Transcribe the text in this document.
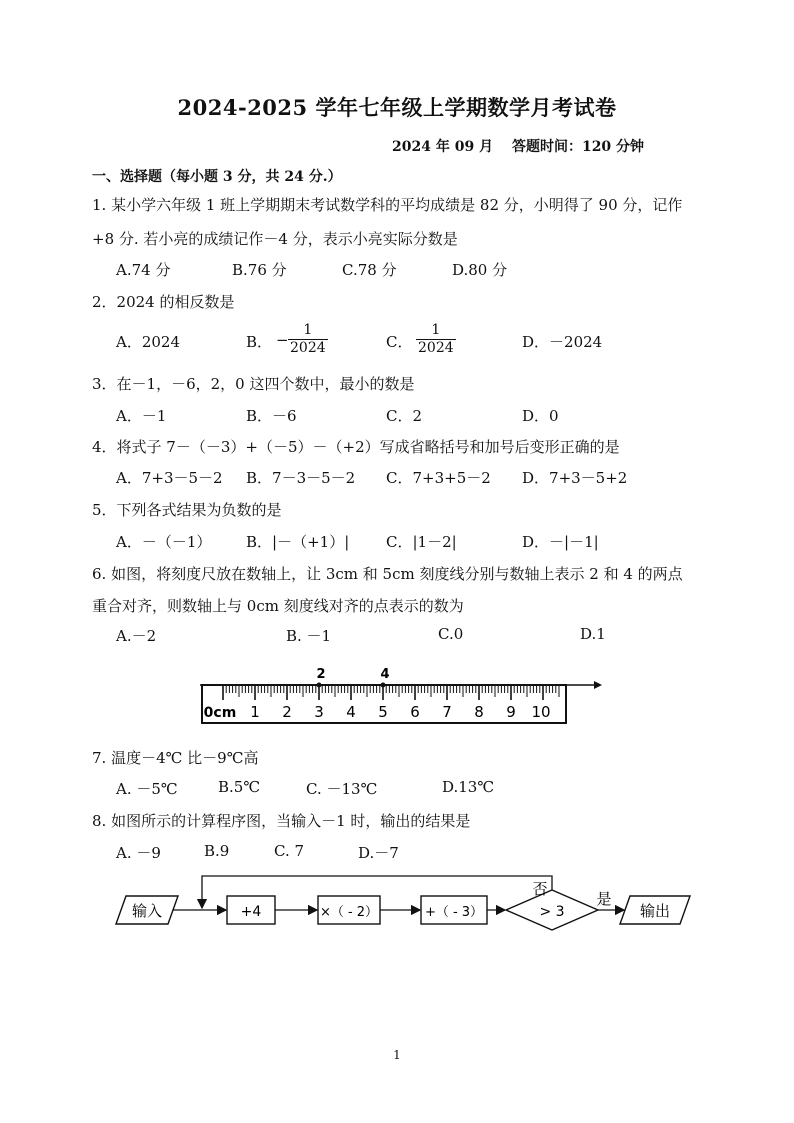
2024-2025 学年七年级上学期数学月考试卷
2024 年 09 月 答题时间：120 分钟
一、选择题（每小题 3 分，共 24 分.）
1. 某小学六年级 1 班上学期期末考试数学科的平均成绩是 82 分，小明得了 90 分，记作
+8 分. 若小亮的成绩记作－4 分，表示小亮实际分数是
A.74 分	B.76 分	C.78 分	D.80 分
2．2024 的相反数是
A．2024	B． − $\frac{1}{2024}$	C． $\frac{1}{2024}$	D．－2024
3．在－1，－6，2，0 这四个数中，最小的数是
A．－1	B．－6	C．2	D．0
4．将式子 7－（－3）+（－5）－（+2）写成省略括号和加号后变形正确的是
A．7+3－5－2 B．7－3－5－2 C．7+3+5－2 D．7+3－5+2
5．下列各式结果为负数的是
A．－（－1） B．|－（+1）| C．|1－2|	D．－|－1|
6. 如图，将刻度尺放在数轴上，让 3cm 和 5cm 刻度线分别与数轴上表示 2 和 4 的两点
重合对齐，则数轴上与 0cm 刻度线对齐的点表示的数为
A.－2	B. －1	C.0	D.1
2	4
0cm 1 2 3 4 5 6 7 8 9 10
7. 温度－4℃ 比－9℃高
A. －5℃	B.5℃	C. －13℃	D.13℃
8. 如图所示的计算程序图，当输入－1 时，输出的结果是
A. －9	B.9	C. 7	D.－7
输入	+4	×（ - 2）	+（ - 3）	> 3
否
是
输出
1
